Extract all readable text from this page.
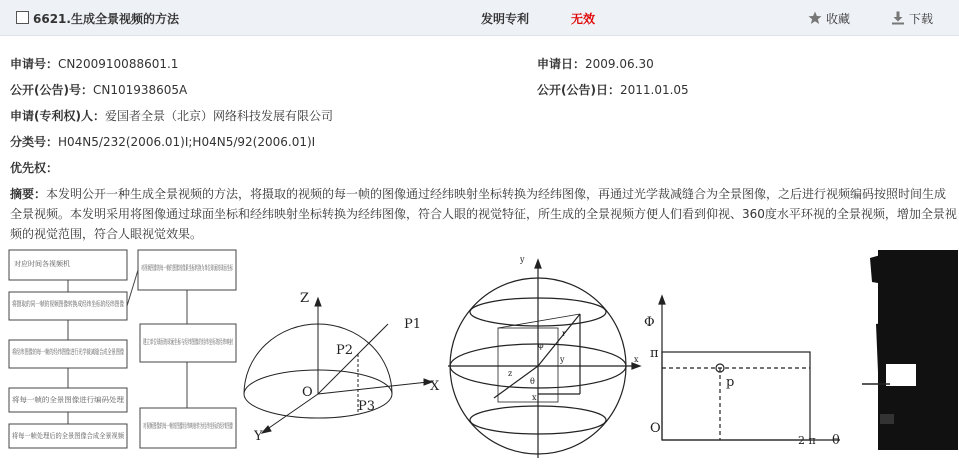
6621.生成全景视频的方法	发明专利	无效	收藏	下载
申请号：CN200910088601.1	申请日：2009.06.30
公开(公告)号：CN101938605A	公开(公告)日：2011.01.05
申请(专利权)人：爱国者全景（北京）网络科技发展有限公司
分类号：H04N5/232(2006.01)I;H04N5/92(2006.01)I
优先权：
摘要：本发明公开一种生成全景视频的方法，将摄取的视频的每一帧的图像通过经纬映射坐标转换为经纬图像，再通过光学裁减缝合为全景图像，之后进行视频编码按照时间生成全景视频。本发明采用将图像通过球面坐标和经纬映射坐标转换为经纬图像，符合人眼的视觉特征，所生成的全景视频方便人们看到仰视、360度水平环视的全景视频，增加全景视频的视觉范围，符合人眼视觉效果。
对应时间各视频机
将摄取的同一帧的视频图像转换成经纬坐标的经纬图像
将经纬图像的每一帧的经纬图像进行光学裁减缝合成全景图像
将每一帧的全景图像进行编码处理
将每一帧处理后的全景图像合成全景视频
对视频图像的每一帧的图像的像素坐标转换为单位球面的球面坐标
建立单位球面的球面坐标与经纬图像的经纬坐标的经纬映射
对视频图像的每一帧的图像经纬映射转为经纬坐标的经纬图像
Z
X
Y
O
P1
P2
P3
y
x
z
r
φ
θ
x
y
Φ
π
p
O
2 π θ
